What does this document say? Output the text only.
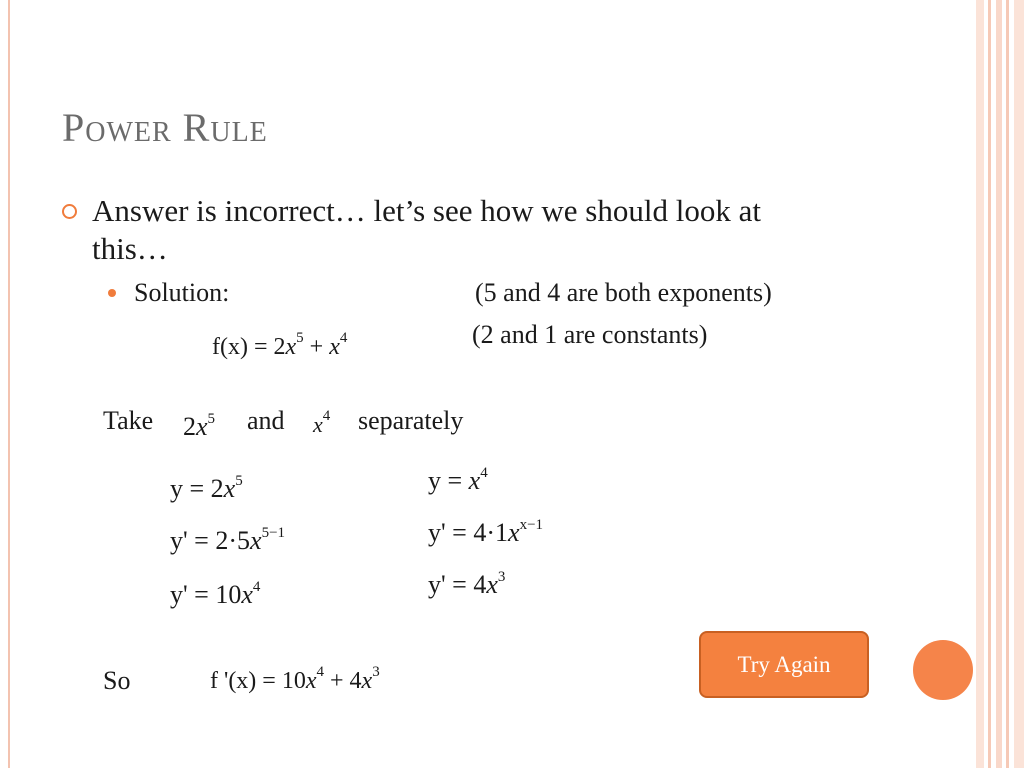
Power Rule
Answer is incorrect… let’s see how we should look at this…
Solution:	(5 and 4 are both exponents)
(2 and 1 are constants)
$f(x) = 2x^5 + x^4$
Take $2x^5$ and $x^4$ separately
$y = 2x^5$
$y' = 2\cdot 5x^{5-1}$
$y' = 10x^4$
$y = x^4$
$y' = 4\cdot 1x^{x-1}$
$y' = 4x^3$
So	f '$(x) = 10x^4 + 4x^3$	Try Again
